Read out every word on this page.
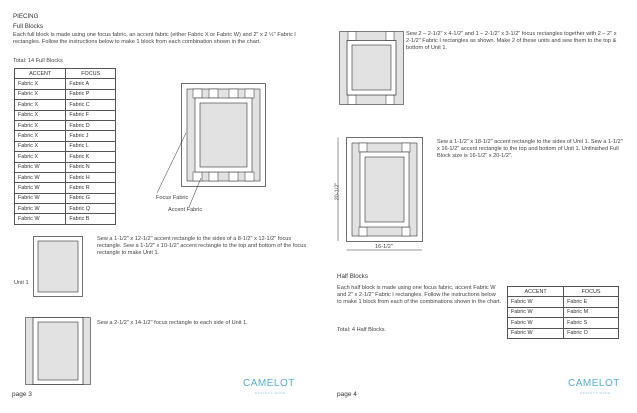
PIECING
Full Blocks
Each full block is made using one focus fabric, an accent fabric (either Fabric X or Fabric W) and 2" x 2 ½" Fabric I rectangles. Follow the instructions below to make 1 block from each combination shown in the chart.
Total: 14 Full Blocks
ACCENT	FOCUS
Fabric X	Fabric A
Fabric X	Fabric P
Fabric X	Fabric C
Fabric X	Fabric F
Fabric X	Fabric D
Fabric X	Fabric J
Fabric X	Fabric L
Fabric X	Fabric K
Fabric W	Fabric N
Fabric W	Fabric H
Fabric W	Fabric R
Fabric W	Fabric G
Fabric W	Fabric Q
Fabric W	Fabric B
Focus Fabric
Accent Fabric
Sew a 1-1/2" x 12-1/2" accent rectangle to the sides of a 8-1/2" x 12-1/2" focus rectangle. Sew a 1-1/2" x 10-1/2" accent rectangle to the top and bottom of the focus rectangle to make Unit 1.
Unit 1
Sew a 2-1/2" x 14-1/2" focus rectangle to each side of Unit 1.
page 3
CAMELOT
PERFECT MADE
Sew 2 – 2-1/2" x 4-1/2" and 1 – 2-1/2" x 3-1/2" focus rectangles together with 2 – 2" x 2-1/2" Fabric I rectangles as shown. Make 2 of these units and sew them to the top & bottom of Unit 1.
20-1/2"
16-1/2"
Sew a 1-1/2" x 18-1/2" accent rectangle to the sides of Unit 1. Sew a 1-1/2" x 16-1/2" accent rectangle to the top and bottom of Unit 1. Unfinished Full Block size is 16-1/2" x 20-1/2".
Half Blocks
Each half block is made using one focus fabric, accent Fabric W and 2" x 2-1/2" Fabric I rectangles. Follow the instructions below to make 1 block from each of the combinations shown in the chart.
Total: 4 Half Blocks.
ACCENT	FOCUS
Fabric W	Fabric E
Fabric W	Fabric M
Fabric W	Fabric S
Fabric W	Fabric O
page 4
CAMELOT
PERFECT MADE
